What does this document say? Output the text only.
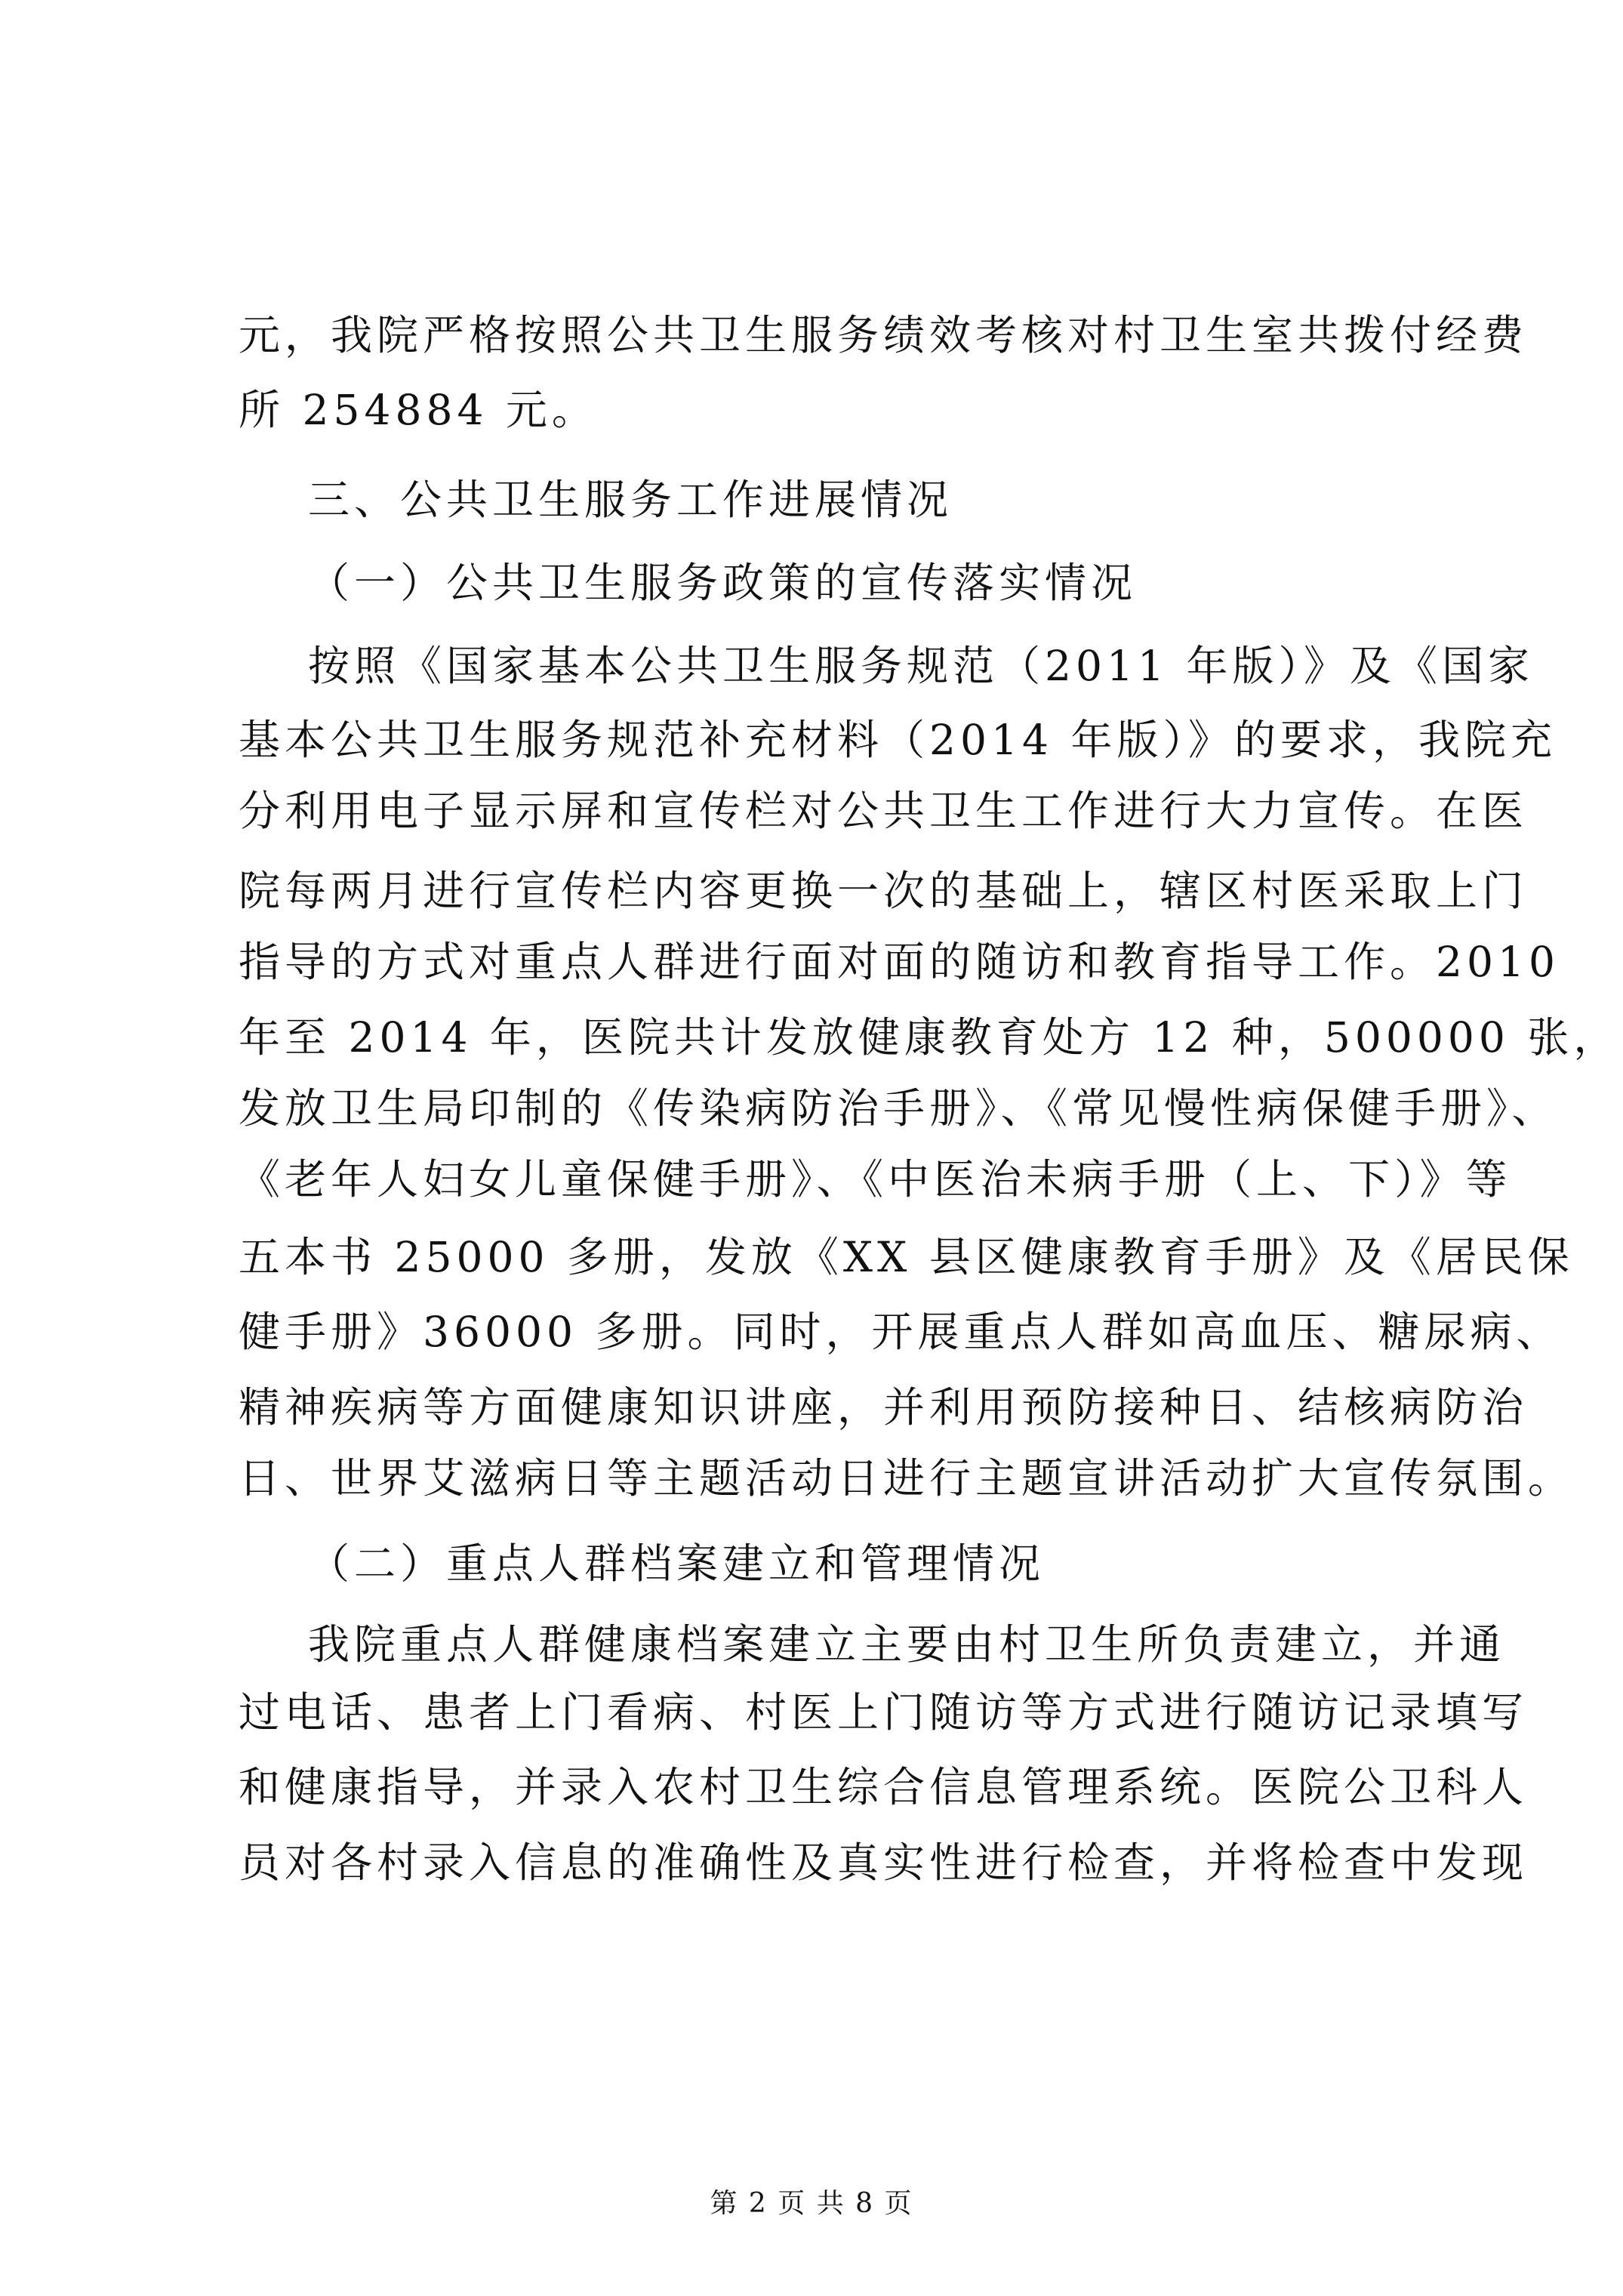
元，我院严格按照公共卫生服务绩效考核对村卫生室共拨付经费
所 254884 元。
三、公共卫生服务工作进展情况
（一）公共卫生服务政策的宣传落实情况
按照《国家基本公共卫生服务规范（2011 年版）》及《国家
基本公共卫生服务规范补充材料（2014 年版）》的要求，我院充
分利用电子显示屏和宣传栏对公共卫生工作进行大力宣传。在医
院每两月进行宣传栏内容更换一次的基础上，辖区村医采取上门
指导的方式对重点人群进行面对面的随访和教育指导工作。2010
年至 2014 年，医院共计发放健康教育处方 12 种，500000 张，
发放卫生局印制的《传染病防治手册》、《常见慢性病保健手册》、
《老年人妇女儿童保健手册》、《中医治未病手册（上、下）》等
五本书 25000 多册，发放《XX 县区健康教育手册》及《居民保
健手册》36000 多册。同时，开展重点人群如高血压、糖尿病、
精神疾病等方面健康知识讲座，并利用预防接种日、结核病防治
日、世界艾滋病日等主题活动日进行主题宣讲活动扩大宣传氛围。
（二）重点人群档案建立和管理情况
我院重点人群健康档案建立主要由村卫生所负责建立，并通
过电话、患者上门看病、村医上门随访等方式进行随访记录填写
和健康指导，并录入农村卫生综合信息管理系统。医院公卫科人
员对各村录入信息的准确性及真实性进行检查，并将检查中发现
第 2 页 共 8 页
